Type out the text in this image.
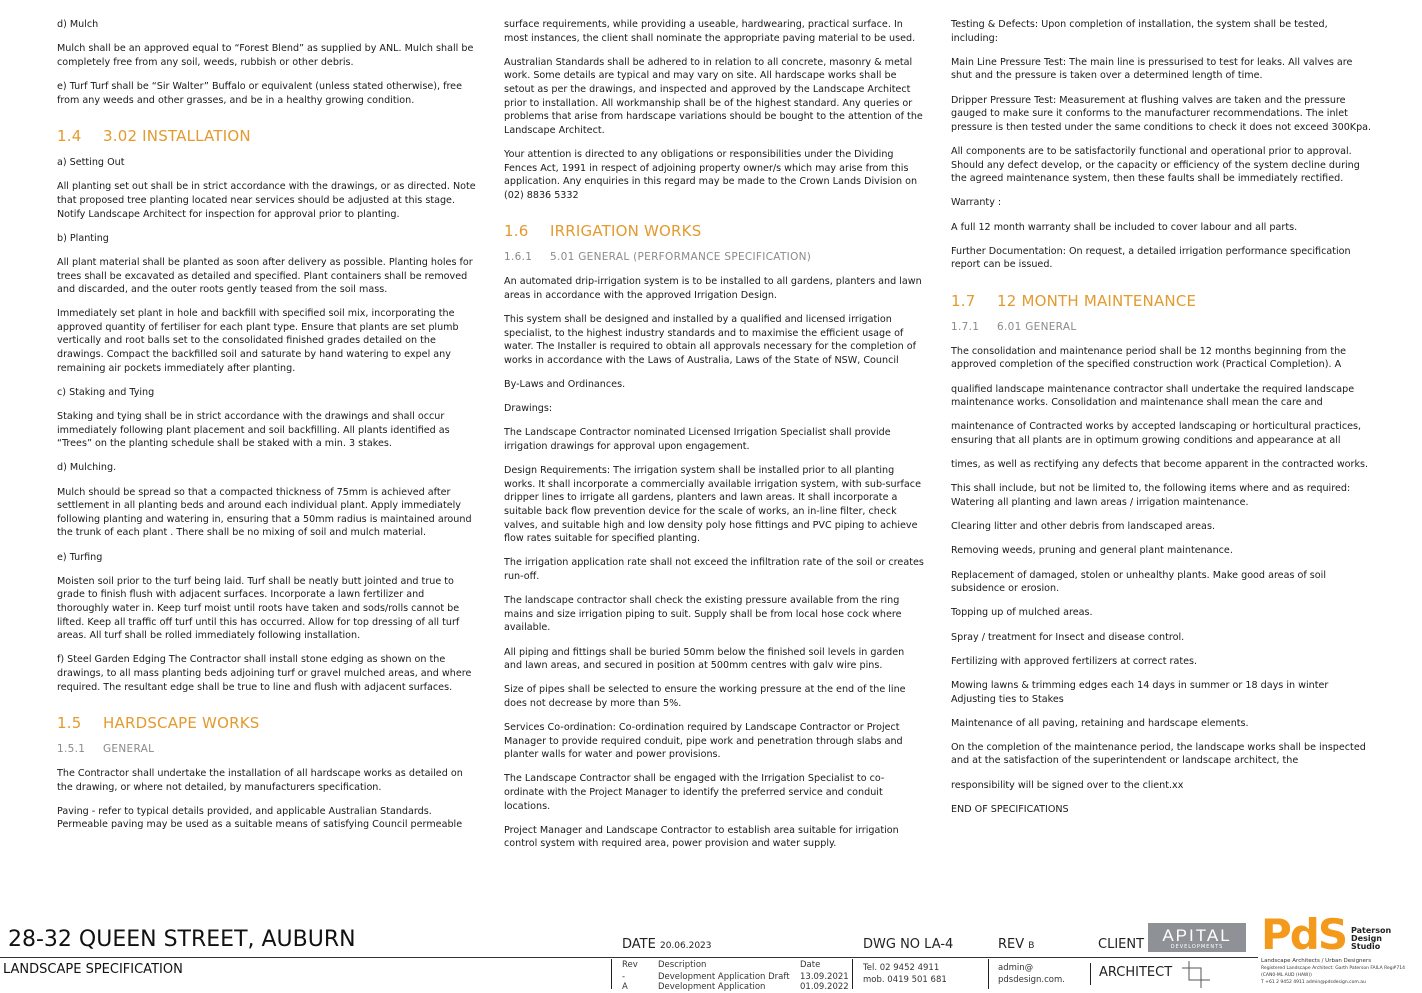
d) Mulch
Mulch shall be an approved equal to “Forest Blend” as supplied by ANL. Mulch shall be completely free from any soil, weeds, rubbish or other debris.
e) Turf Turf shall be “Sir Walter” Buffalo or equivalent (unless stated otherwise), free from any weeds and other grasses, and be in a healthy growing condition.
1.4 3.02 INSTALLATION
a) Setting Out
All planting set out shall be in strict accordance with the drawings, or as directed. Note that proposed tree planting located near services should be adjusted at this stage. Notify Landscape Architect for inspection for approval prior to planting.
b) Planting
All plant material shall be planted as soon after delivery as possible. Planting holes for trees shall be excavated as detailed and specified. Plant containers shall be removed and discarded, and the outer roots gently teased from the soil mass.
Immediately set plant in hole and backfill with specified soil mix, incorporating the approved quantity of fertiliser for each plant type. Ensure that plants are set plumb vertically and root balls set to the consolidated finished grades detailed on the drawings. Compact the backfilled soil and saturate by hand watering to expel any remaining air pockets immediately after planting.
c) Staking and Tying
Staking and tying shall be in strict accordance with the drawings and shall occur immediately following plant placement and soil backfilling. All plants identified as “Trees” on the planting schedule shall be staked with a min. 3 stakes.
d) Mulching.
Mulch should be spread so that a compacted thickness of 75mm is achieved after settlement in all planting beds and around each individual plant. Apply immediately following planting and watering in, ensuring that a 50mm radius is maintained around the trunk of each plant . There shall be no mixing of soil and mulch material.
e) Turfing
Moisten soil prior to the turf being laid. Turf shall be neatly butt jointed and true to grade to finish flush with adjacent surfaces. Incorporate a lawn fertilizer and thoroughly water in. Keep turf moist until roots have taken and sods/rolls cannot be lifted. Keep all traffic off turf until this has occurred. Allow for top dressing of all turf areas. All turf shall be rolled immediately following installation.
f) Steel Garden Edging The Contractor shall install stone edging as shown on the drawings, to all mass planting beds adjoining turf or gravel mulched areas, and where required. The resultant edge shall be true to line and flush with adjacent surfaces.
1.5 HARDSCAPE WORKS
1.5.1 GENERAL
The Contractor shall undertake the installation of all hardscape works as detailed on the drawing, or where not detailed, by manufacturers specification.
Paving - refer to typical details provided, and applicable Australian Standards. Permeable paving may be used as a suitable means of satisfying Council permeable
surface requirements, while providing a useable, hardwearing, practical surface. In most instances, the client shall nominate the appropriate paving material to be used.
Australian Standards shall be adhered to in relation to all concrete, masonry & metal work. Some details are typical and may vary on site. All hardscape works shall be setout as per the drawings, and inspected and approved by the Landscape Architect prior to installation. All workmanship shall be of the highest standard. Any queries or problems that arise from hardscape variations should be bought to the attention of the Landscape Architect.
Your attention is directed to any obligations or responsibilities under the Dividing Fences Act, 1991 in respect of adjoining property owner/s which may arise from this application. Any enquiries in this regard may be made to the Crown Lands Division on (02) 8836 5332
1.6 IRRIGATION WORKS
1.6.1 5.01 GENERAL (PERFORMANCE SPECIFICATION)
An automated drip-irrigation system is to be installed to all gardens, planters and lawn areas in accordance with the approved Irrigation Design.
This system shall be designed and installed by a qualified and licensed irrigation specialist, to the highest industry standards and to maximise the efficient usage of water. The Installer is required to obtain all approvals necessary for the completion of works in accordance with the Laws of Australia, Laws of the State of NSW, Council
By-Laws and Ordinances.
Drawings:
The Landscape Contractor nominated Licensed Irrigation Specialist shall provide irrigation drawings for approval upon engagement.
Design Requirements: The irrigation system shall be installed prior to all planting works. It shall incorporate a commercially available irrigation system, with sub-surface dripper lines to irrigate all gardens, planters and lawn areas. It shall incorporate a suitable back flow prevention device for the scale of works, an in-line filter, check valves, and suitable high and low density poly hose fittings and PVC piping to achieve flow rates suitable for specified planting.
The irrigation application rate shall not exceed the infiltration rate of the soil or creates run-off.
The landscape contractor shall check the existing pressure available from the ring mains and size irrigation piping to suit. Supply shall be from local hose cock where available.
All piping and fittings shall be buried 50mm below the finished soil levels in garden and lawn areas, and secured in position at 500mm centres with galv wire pins.
Size of pipes shall be selected to ensure the working pressure at the end of the line does not decrease by more than 5%.
Services Co-ordination: Co-ordination required by Landscape Contractor or Project Manager to provide required conduit, pipe work and penetration through slabs and planter walls for water and power provisions.
The Landscape Contractor shall be engaged with the Irrigation Specialist to co-ordinate with the Project Manager to identify the preferred service and conduit locations.
Project Manager and Landscape Contractor to establish area suitable for irrigation control system with required area, power provision and water supply.
Testing & Defects: Upon completion of installation, the system shall be tested, including:
Main Line Pressure Test: The main line is pressurised to test for leaks. All valves are shut and the pressure is taken over a determined length of time.
Dripper Pressure Test: Measurement at flushing valves are taken and the pressure gauged to make sure it conforms to the manufacturer recommendations. The inlet pressure is then tested under the same conditions to check it does not exceed 300Kpa.
All components are to be satisfactorily functional and operational prior to approval. Should any defect develop, or the capacity or efficiency of the system decline during the agreed maintenance system, then these faults shall be immediately rectified.
Warranty :
A full 12 month warranty shall be included to cover labour and all parts.
Further Documentation: On request, a detailed irrigation performance specification report can be issued.
1.7 12 MONTH MAINTENANCE
1.7.1 6.01 GENERAL
The consolidation and maintenance period shall be 12 months beginning from the approved completion of the specified construction work (Practical Completion). A
qualified landscape maintenance contractor shall undertake the required landscape maintenance works. Consolidation and maintenance shall mean the care and
maintenance of Contracted works by accepted landscaping or horticultural practices, ensuring that all plants are in optimum growing conditions and appearance at all
times, as well as rectifying any defects that become apparent in the contracted works.
This shall include, but not be limited to, the following items where and as required: Watering all planting and lawn areas / irrigation maintenance.
Clearing litter and other debris from landscaped areas.
Removing weeds, pruning and general plant maintenance.
Replacement of damaged, stolen or unhealthy plants. Make good areas of soil subsidence or erosion.
Topping up of mulched areas.
Spray / treatment for Insect and disease control.
Fertilizing with approved fertilizers at correct rates.
Mowing lawns & trimming edges each 14 days in summer or 18 days in winter Adjusting ties to Stakes
Maintenance of all paving, retaining and hardscape elements.
On the completion of the maintenance period, the landscape works shall be inspected and at the satisfaction of the superintendent or landscape architect, the
responsibility will be signed over to the client.xx
END OF SPECIFICATIONS
28-32 QUEEN STREET, AUBURN
LANDSCAPE SPECIFICATION
DATE 20.06.2023	DWG NO LA-4	REV B	CLIENT	APITAL
DEVELOPMENTS
Rev Description	Date
-	Development Application Draft 13.09.2021
A	Development Application	01.09.2022
Tel. 02 9452 4911
mob. 0419 501 681
admin@
pdsdesign.com.	ARCHITECT
PdS Paterson
Design
Studio
Landscape Architects / Urban Designers
Registered Landscape Architect: Garth Paterson FAILA Reg#714
(CAN0-ML AUD (HAW))
T +61 2 9452 4911 admin@pdsdesign.com.au
